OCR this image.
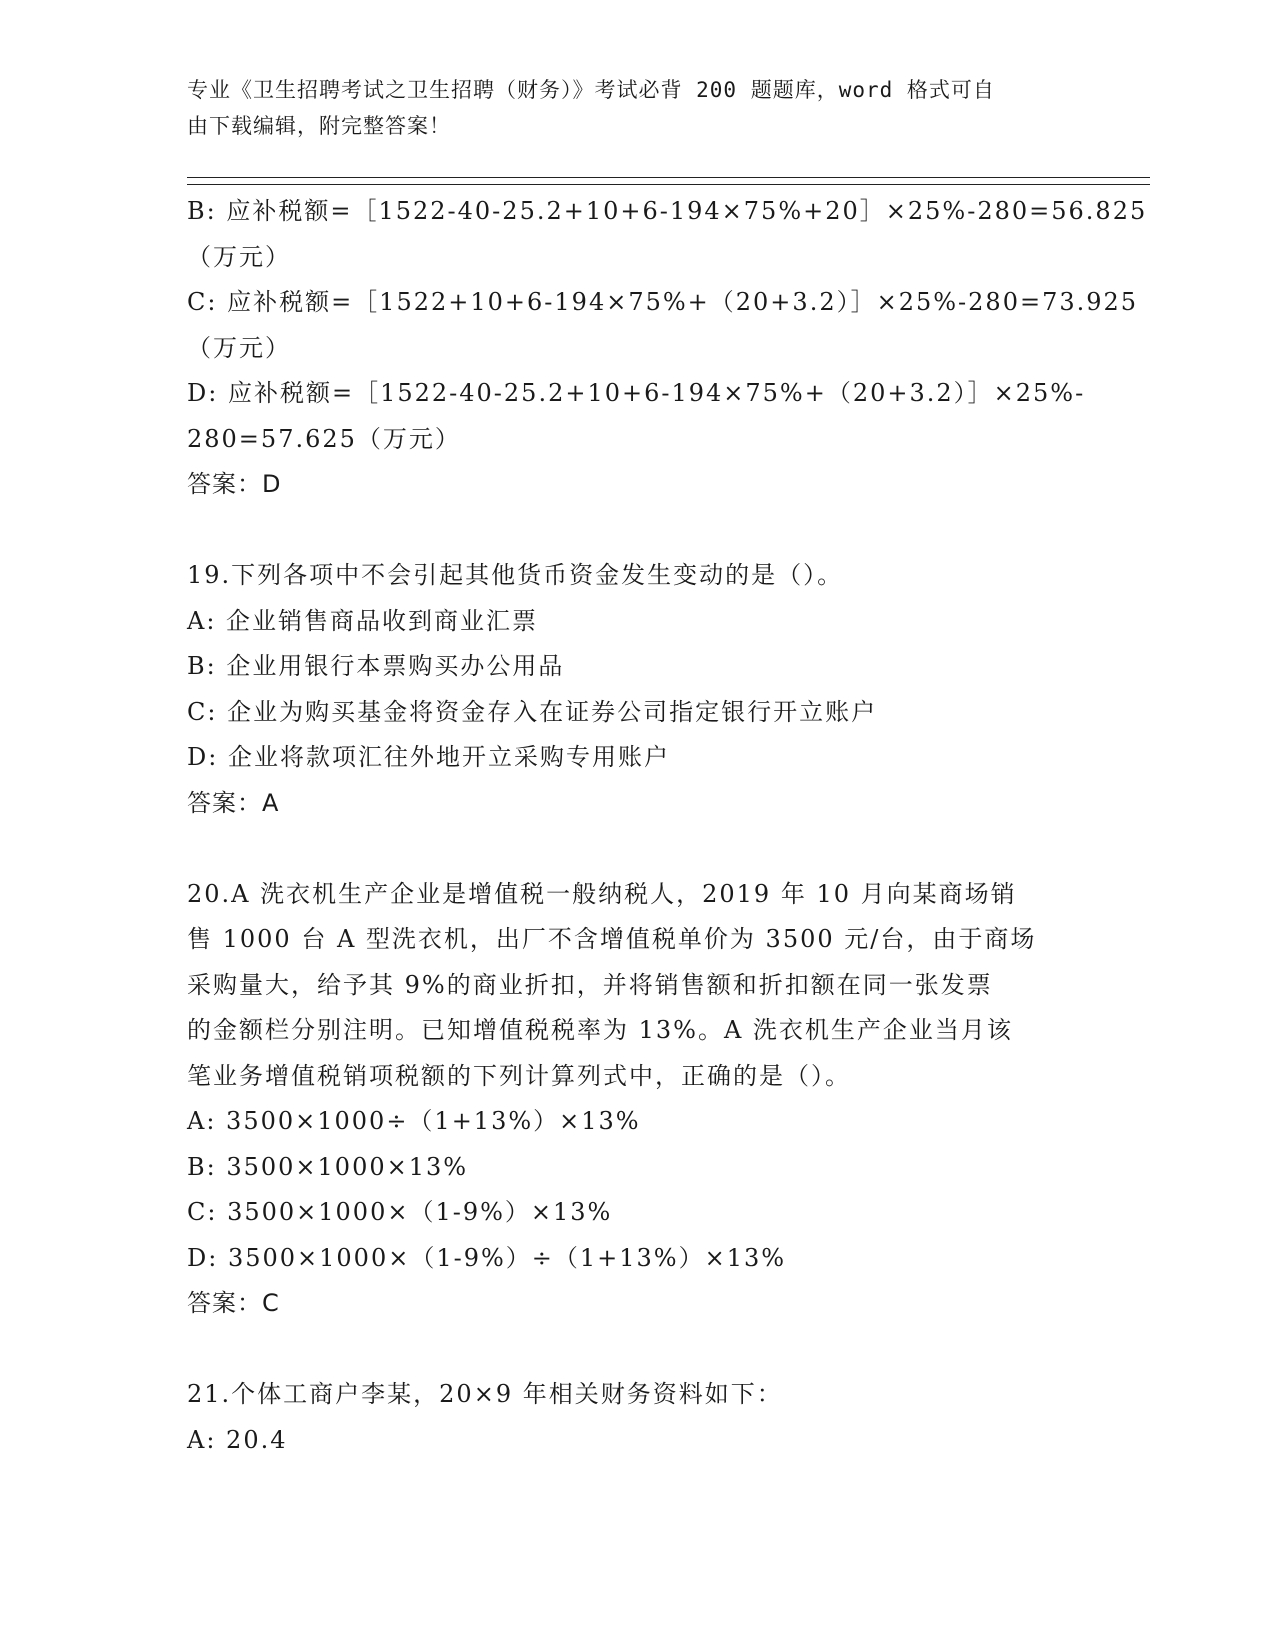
专业《卫生招聘考试之卫生招聘（财务）》考试必背 200 题题库，word 格式可自
由下载编辑，附完整答案！
B: 应补税额=［1522-40-25.2+10+6-194×75%+20］×25%-280=56.825
（万元）
C: 应补税额=［1522+10+6-194×75%+（20+3.2）］×25%-280=73.925
（万元）
D: 应补税额=［1522-40-25.2+10+6-194×75%+（20+3.2）］×25%-
280=57.625（万元）
答案：D
19.下列各项中不会引起其他货币资金发生变动的是（）。
A: 企业销售商品收到商业汇票
B: 企业用银行本票购买办公用品
C: 企业为购买基金将资金存入在证券公司指定银行开立账户
D: 企业将款项汇往外地开立采购专用账户
答案：A
20.A 洗衣机生产企业是增值税一般纳税人，2019 年 10 月向某商场销
售 1000 台 A 型洗衣机，出厂不含增值税单价为 3500 元/台，由于商场
采购量大，给予其 9%的商业折扣，并将销售额和折扣额在同一张发票
的金额栏分别注明。已知增值税税率为 13%。A 洗衣机生产企业当月该
笔业务增值税销项税额的下列计算列式中，正确的是（）。
A: 3500×1000÷（1+13%）×13%
B: 3500×1000×13%
C: 3500×1000×（1-9%）×13%
D: 3500×1000×（1-9%）÷（1+13%）×13%
答案：C
21.个体工商户李某，20×9 年相关财务资料如下：
A: 20.4
